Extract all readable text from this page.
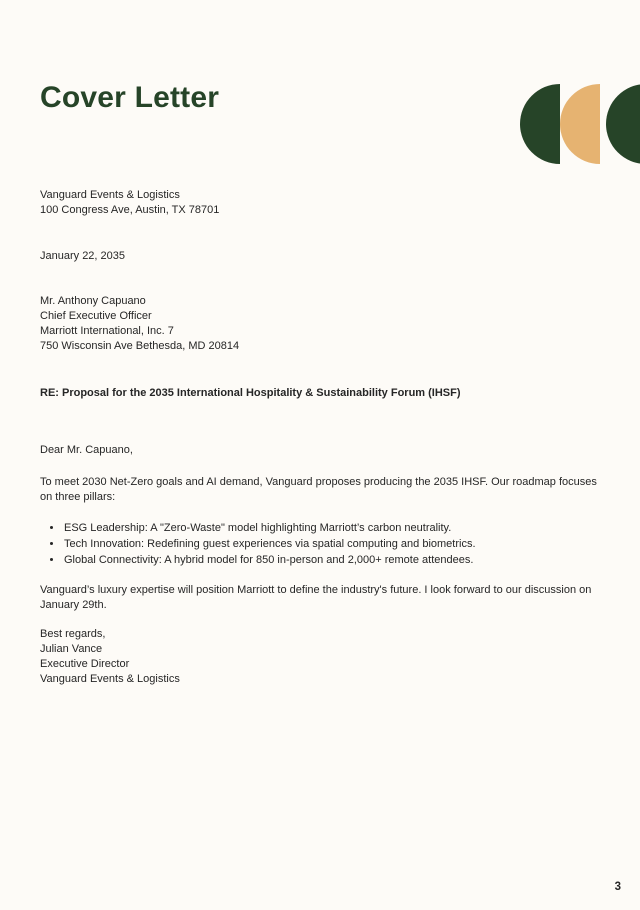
Cover Letter
Vanguard Events & Logistics
100 Congress Ave, Austin, TX 78701
January 22, 2035
Mr. Anthony Capuano
Chief Executive Officer
Marriott International, Inc. 7
750 Wisconsin Ave Bethesda, MD 20814
RE: Proposal for the 2035 International Hospitality & Sustainability Forum (IHSF)
Dear Mr. Capuano,

To meet 2030 Net-Zero goals and AI demand, Vanguard proposes producing the 2035 IHSF. Our roadmap focuses on three pillars:

• ESG Leadership: A "Zero-Waste" model highlighting Marriott’s carbon neutrality.
• Tech Innovation: Redefining guest experiences via spatial computing and biometrics.
• Global Connectivity: A hybrid model for 850 in-person and 2,000+ remote attendees.

Vanguard’s luxury expertise will position Marriott to define the industry's future. I look forward to our discussion on January 29th.

Best regards,
Julian Vance
Executive Director
Vanguard Events & Logistics
3
